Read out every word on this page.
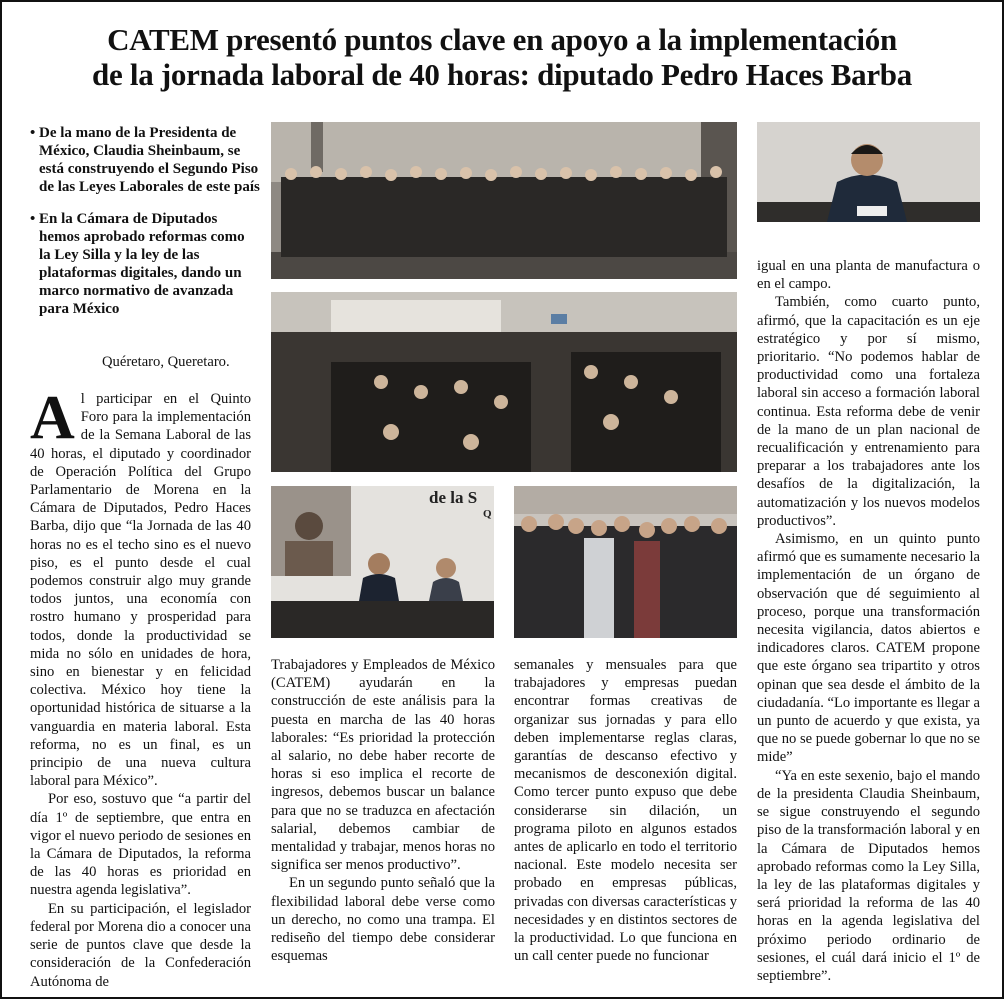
CATEM presentó puntos clave en apoyo a la implementación
de la jornada laboral de 40 horas: diputado Pedro Haces Barba

• De la mano de la Presidenta de México, Claudia Sheinbaum, se está construyendo el Segundo Piso de las Leyes Laborales de este país

• En la Cámara de Diputados hemos aprobado reformas como la Ley Silla y la ley de las plataformas digitales, dando un marco normativo de avanzada para México

Quéretaro, Queretaro.

Al participar en el Quinto Foro para la implementación de la Semana Laboral de las 40 horas, el diputado y coordinador de Operación Política del Grupo Parlamentario de Morena en la Cámara de Diputados, Pedro Haces Barba, dijo que “la Jornada de las 40 horas no es el techo sino es el nuevo piso, es el punto desde el cual podemos construir algo muy grande todos juntos, una economía con rostro humano y prosperidad para todos, donde la productividad se mida no sólo en unidades de hora, sino en bienestar y en felicidad colectiva. México hoy tiene la oportunidad histórica de situarse a la vanguardia en materia laboral. Esta reforma, no es un final, es un principio de una nueva cultura laboral para México”.

Por eso, sostuvo que “a partir del día 1º de septiembre, que entra en vigor el nuevo periodo de sesiones en la Cámara de Diputados, la reforma de las 40 horas es prioridad en nuestra agenda legislativa”.

En su participación, el legislador federal por Morena dio a conocer una serie de puntos clave que desde la consideración de la Confederación Autónoma de

Trabajadores y Empleados de México (CATEM) ayudarán en la construcción de este análisis para la puesta en marcha de las 40 horas laborales: “Es prioridad la protección al salario, no debe haber recorte de horas si eso implica el recorte de ingresos, debemos buscar un balance para que no se traduzca en afectación salarial, debemos cambiar de mentalidad y trabajar, menos horas no significa ser menos productivo”.

En un segundo punto señaló que la flexibilidad laboral debe verse como un derecho, no como una trampa. El rediseño del tiempo debe considerar esquemas

semanales y mensuales para que trabajadores y empresas puedan encontrar formas creativas de organizar sus jornadas y para ello deben implementarse reglas claras, garantías de descanso efectivo y mecanismos de desconexión digital. Como tercer punto expuso que debe considerarse sin dilación, un programa piloto en algunos estados antes de aplicarlo en todo el territorio nacional. Este modelo necesita ser probado en empresas públicas, privadas con diversas características y necesidades y en distintos sectores de la productividad. Lo que funciona en un call center puede no funcionar

igual en una planta de manufactura o en el campo.

También, como cuarto punto, afirmó, que la capacitación es un eje estratégico y por sí mismo, prioritario. “No podemos hablar de productividad como una fortaleza laboral sin acceso a formación laboral continua. Esta reforma debe de venir de la mano de un plan nacional de recualificación y entrenamiento para preparar a los trabajadores ante los desafíos de la digitalización, la automatización y los nuevos modelos productivos”.

Asimismo, en un quinto punto afirmó que es sumamente necesario la implementación de un órgano de observación que dé seguimiento al proceso, porque una transformación necesita vigilancia, datos abiertos e indicadores claros. CATEM propone que este órgano sea tripartito y otros opinan que sea desde el ámbito de la ciudadanía. “Lo importante es llegar a un punto de acuerdo y que exista, ya que no se puede gobernar lo que no se mide”

“Ya en este sexenio, bajo el mando de la presidenta Claudia Sheinbaum, se sigue construyendo el segundo piso de la transformación laboral y en la Cámara de Diputados hemos aprobado reformas como la Ley Silla, la ley de las plataformas digitales y será prioridad la reforma de las 40 horas en la agenda legislativa del próximo periodo ordinario de sesiones, el cuál dará inicio el 1º de septiembre”.

de la S
Q
